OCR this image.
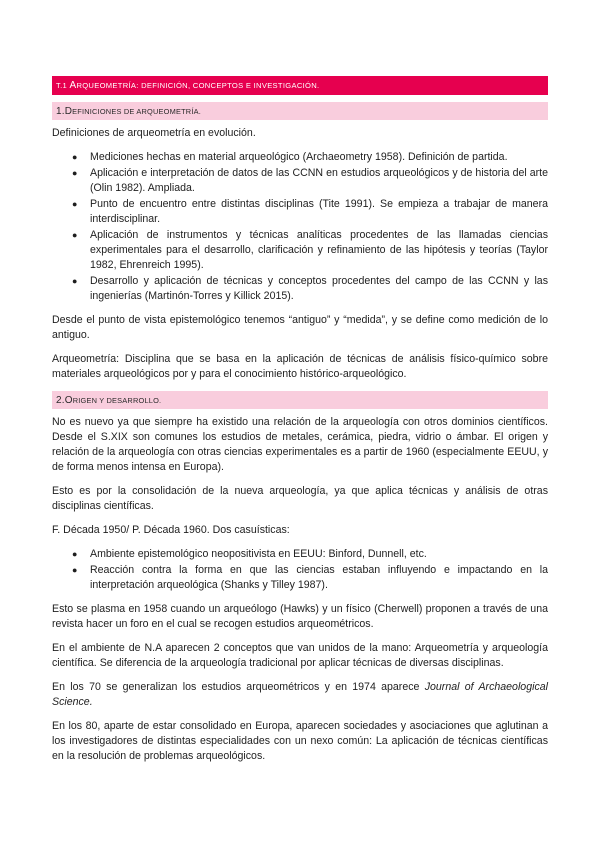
T.1 ARQUEOMETRÍA: DEFINICIÓN, CONCEPTOS E INVESTIGACIÓN.
1.DEFINICIONES DE ARQUEOMETRÍA.

Definiciones de arqueometría en evolución.

● Mediciones hechas en material arqueológico (Archaeometry 1958). Definición de partida.
● Aplicación e interpretación de datos de las CCNN en estudios arqueológicos y de historia del arte (Olin 1982). Ampliada.
● Punto de encuentro entre distintas disciplinas (Tite 1991). Se empieza a trabajar de manera interdisciplinar.
● Aplicación de instrumentos y técnicas analíticas procedentes de las llamadas ciencias experimentales para el desarrollo, clarificación y refinamiento de las hipótesis y teorías (Taylor 1982, Ehrenreich 1995).
● Desarrollo y aplicación de técnicas y conceptos procedentes del campo de las CCNN y las ingenierías (Martinón-Torres y Killick 2015).

Desde el punto de vista epistemológico tenemos “antiguo” y “medida”, y se define como medición de lo antiguo.

Arqueometría: Disciplina que se basa en la aplicación de técnicas de análisis físico-químico sobre materiales arqueológicos por y para el conocimiento histórico-arqueológico.

2.ORIGEN Y DESARROLLO.

No es nuevo ya que siempre ha existido una relación de la arqueología con otros dominios científicos. Desde el S.XIX son comunes los estudios de metales, cerámica, piedra, vidrio o ámbar. El origen y relación de la arqueología con otras ciencias experimentales es a partir de 1960 (especialmente EEUU, y de forma menos intensa en Europa).

Esto es por la consolidación de la nueva arqueología, ya que aplica técnicas y análisis de otras disciplinas científicas.

F. Década 1950/ P. Década 1960. Dos casuísticas:

● Ambiente epistemológico neopositivista en EEUU: Binford, Dunnell, etc.
● Reacción contra la forma en que las ciencias estaban influyendo e impactando en la interpretación arqueológica (Shanks y Tilley 1987).

Esto se plasma en 1958 cuando un arqueólogo (Hawks) y un físico (Cherwell) proponen a través de una revista hacer un foro en el cual se recogen estudios arqueométricos.

En el ambiente de N.A aparecen 2 conceptos que van unidos de la mano: Arqueometría y arqueología científica. Se diferencia de la arqueología tradicional por aplicar técnicas de diversas disciplinas.

En los 70 se generalizan los estudios arqueométricos y en 1974 aparece Journal of Archaeological Science.

En los 80, aparte de estar consolidado en Europa, aparecen sociedades y asociaciones que aglutinan a los investigadores de distintas especialidades con un nexo común: La aplicación de técnicas científicas en la resolución de problemas arqueológicos.
